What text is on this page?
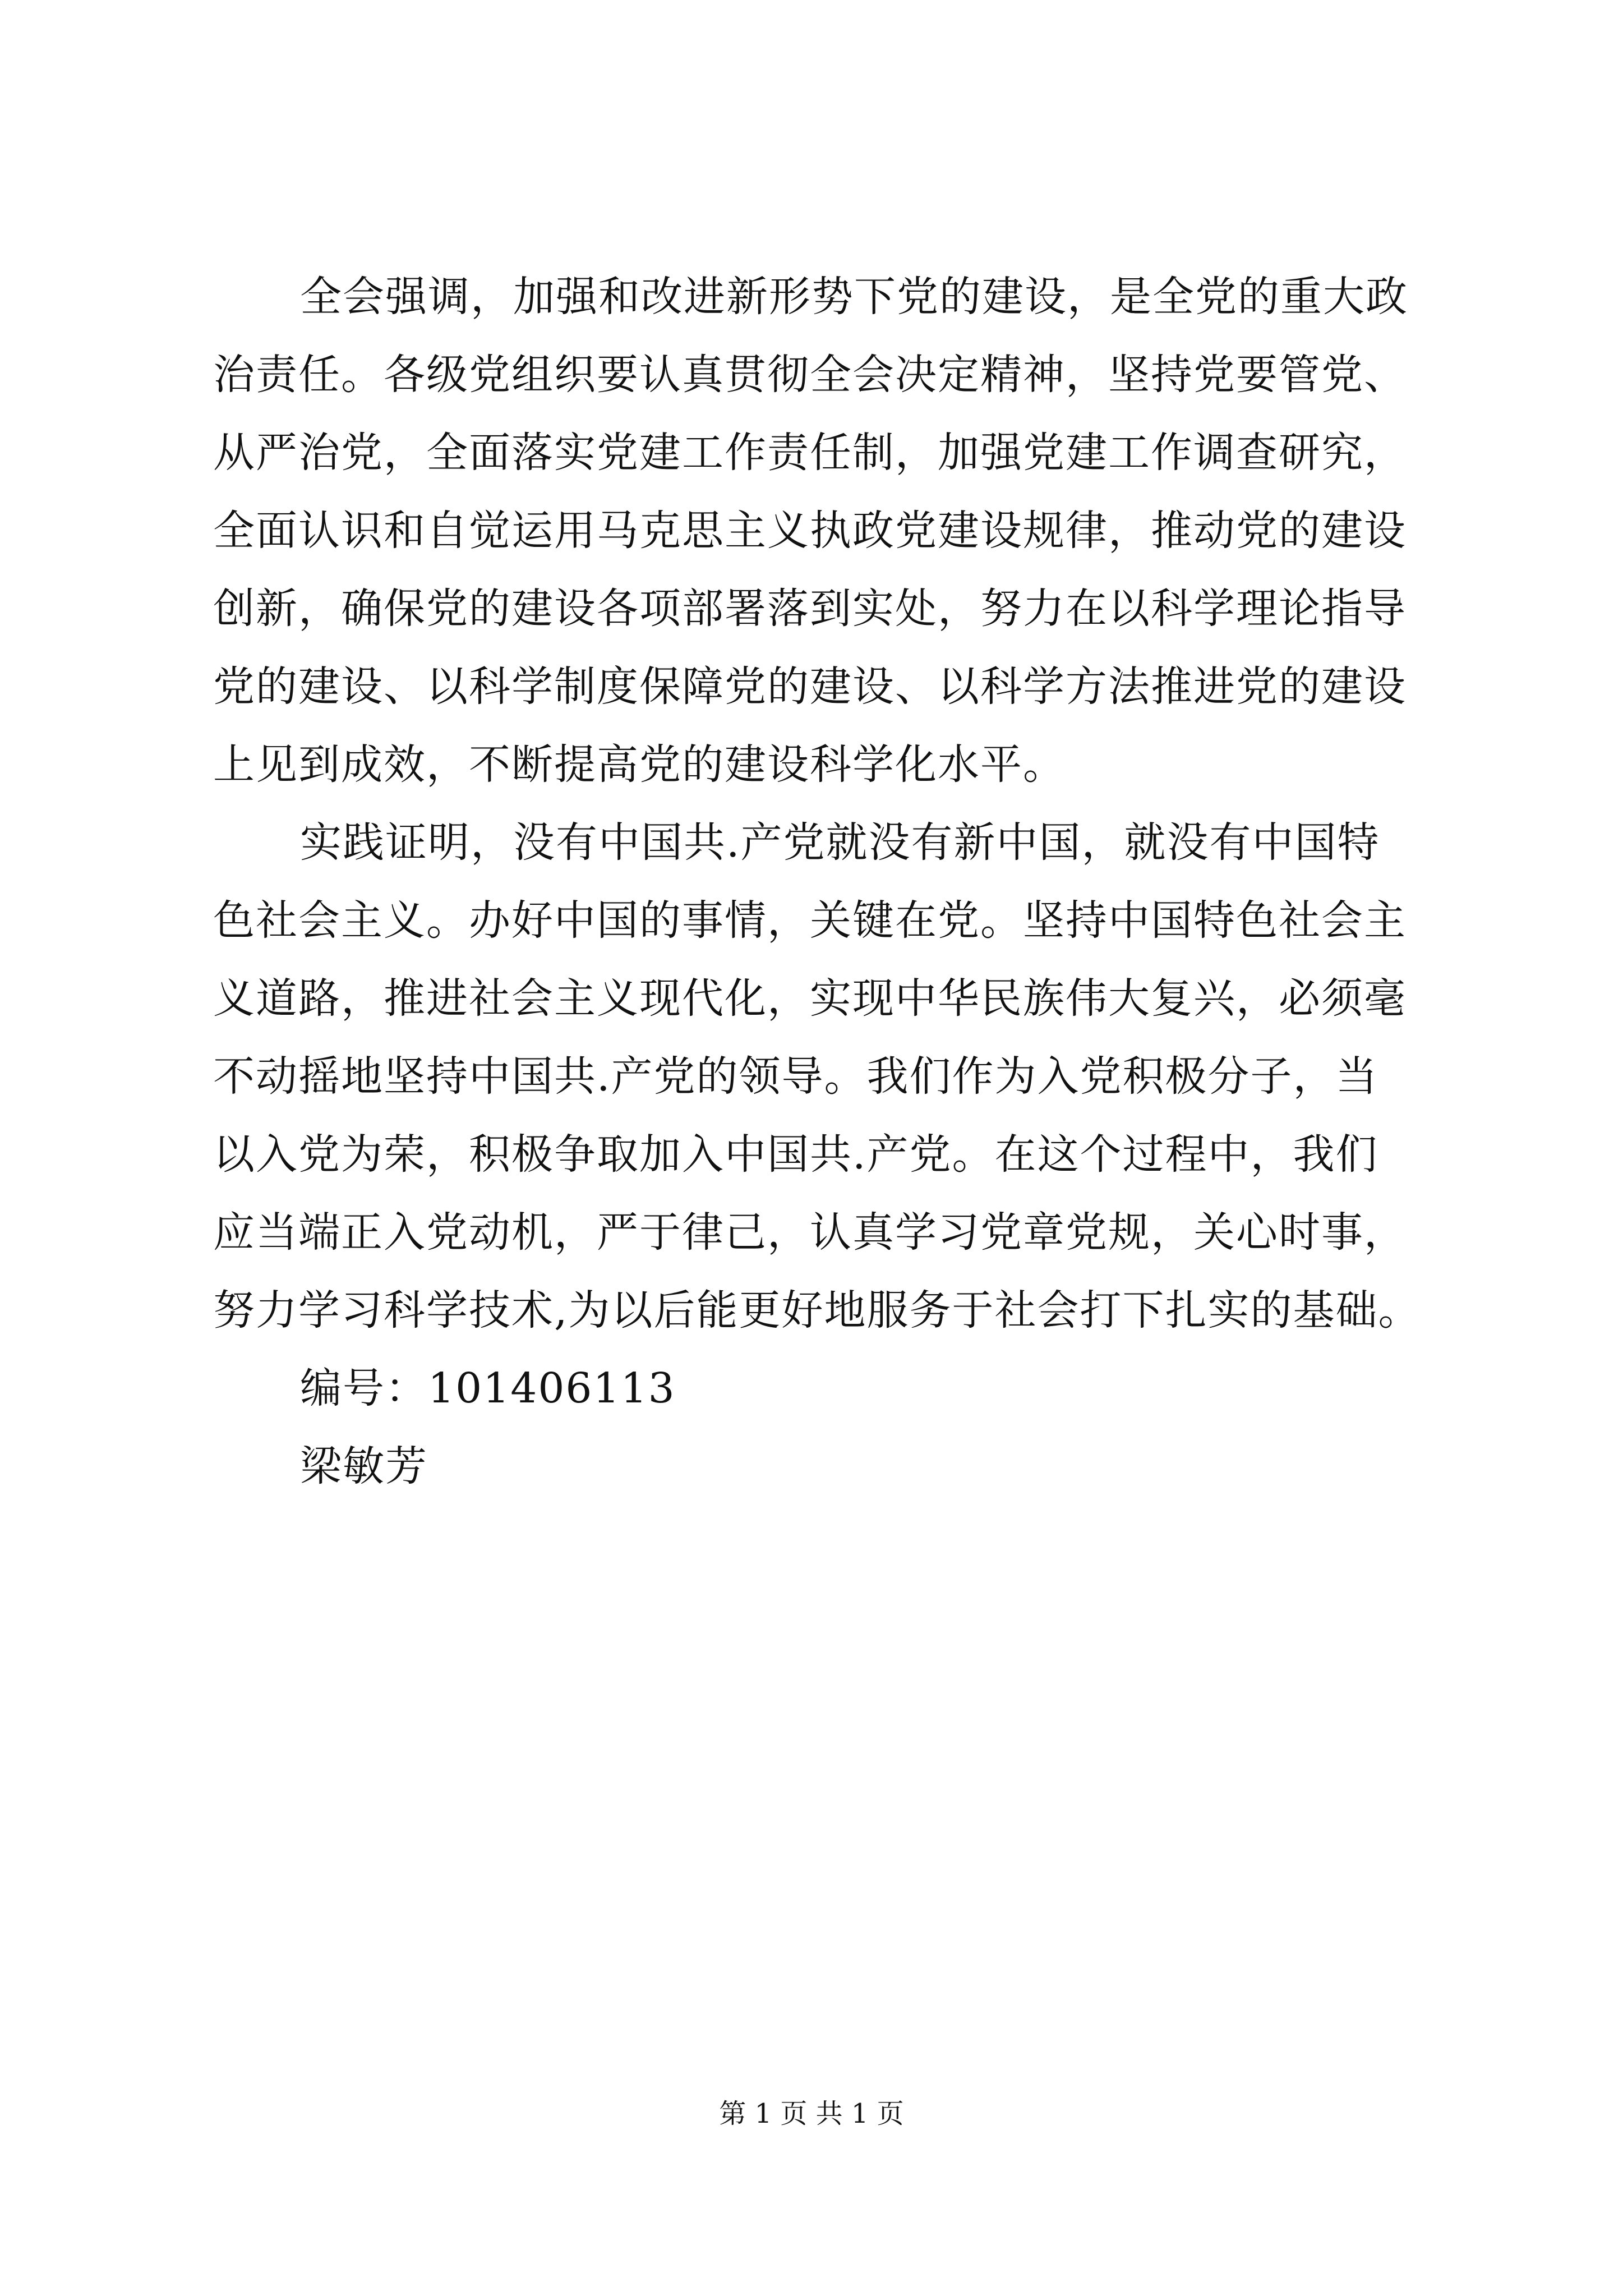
全会强调，加强和改进新形势下党的建设，是全党的重大政
治责任。各级党组织要认真贯彻全会决定精神，坚持党要管党、
从严治党，全面落实党建工作责任制，加强党建工作调查研究，
全面认识和自觉运用马克思主义执政党建设规律，推动党的建设
创新，确保党的建设各项部署落到实处，努力在以科学理论指导
党的建设、以科学制度保障党的建设、以科学方法推进党的建设
上见到成效，不断提高党的建设科学化水平。
实践证明，没有中国共.产党就没有新中国，就没有中国特
色社会主义。办好中国的事情，关键在党。坚持中国特色社会主
义道路，推进社会主义现代化，实现中华民族伟大复兴，必须毫
不动摇地坚持中国共.产党的领导。我们作为入党积极分子，当
以入党为荣，积极争取加入中国共.产党。在这个过程中，我们
应当端正入党动机，严于律己，认真学习党章党规，关心时事，
努力学习科学技术,为以后能更好地服务于社会打下扎实的基础。
编号：101406113
梁敏芳
第 1 页 共 1 页
